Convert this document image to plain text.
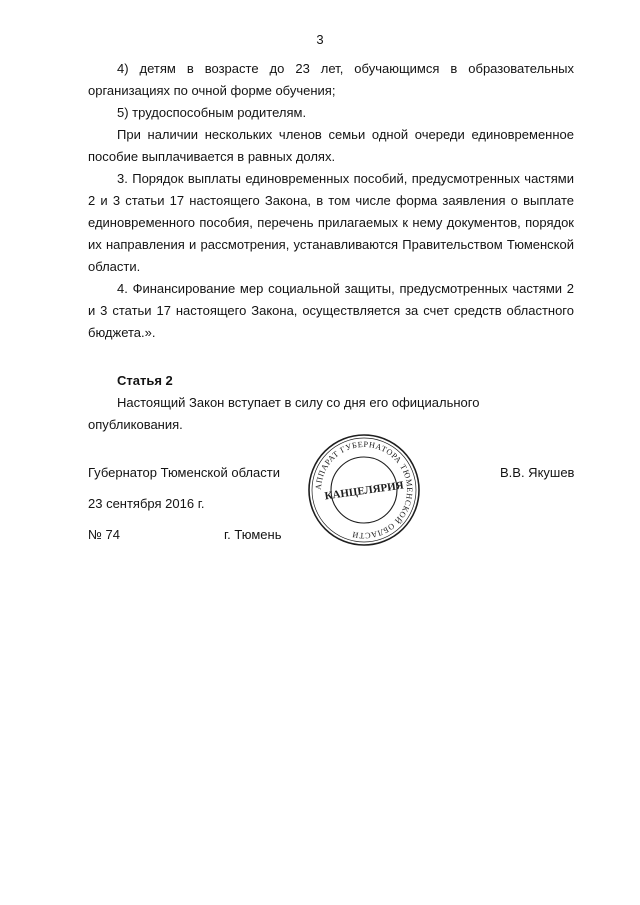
3

4) детям в возрасте до 23 лет, обучающимся в образовательных организациях по очной форме обучения;

5) трудоспособным родителям.

При наличии нескольких членов семьи одной очереди единовременное пособие выплачивается в равных долях.

3. Порядок выплаты единовременных пособий, предусмотренных частями 2 и 3 статьи 17 настоящего Закона, в том числе форма заявления о выплате единовременного пособия, перечень прилагаемых к нему документов, порядок их направления и рассмотрения, устанавливаются Правительством Тюменской области.

4. Финансирование мер социальной защиты, предусмотренных частями 2 и 3 статьи 17 настоящего Закона, осуществляется за счет средств областного бюджета.».

Статья 2

Настоящий Закон вступает в силу со дня его официального опубликования.

Губернатор Тюменской области	В.В. Якушев
23 сентября 2016 г.
№ 74	г. Тюмень
АППАРАТ ГУБЕРНАТОРА ТЮМЕНСКОЙ ОБЛАСТИ
КАНЦЕЛЯРИЯ
